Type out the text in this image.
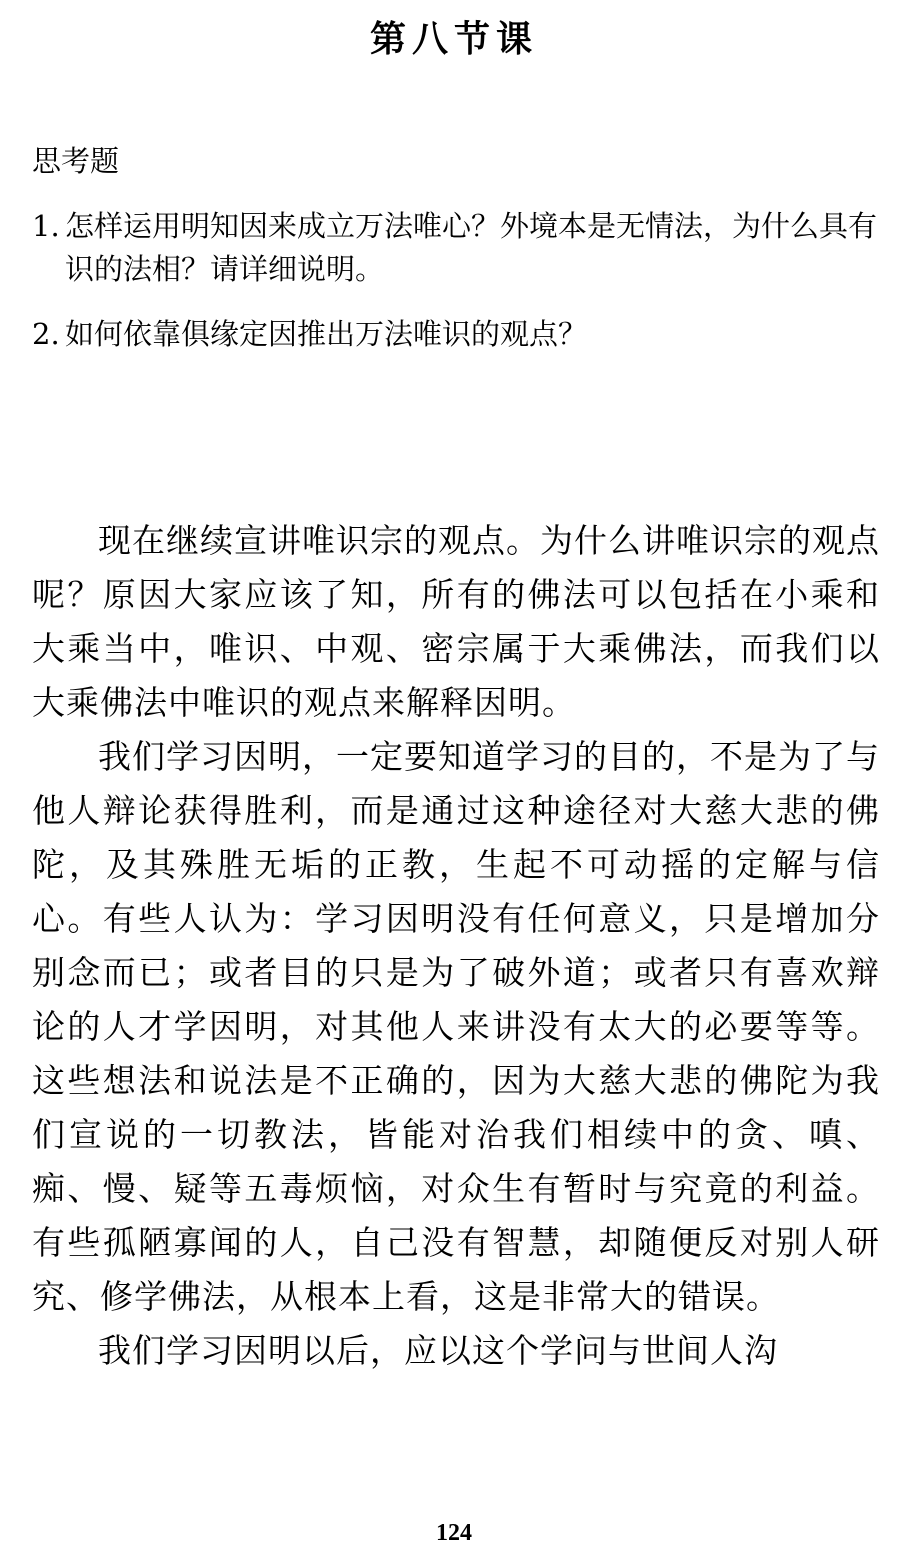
第八节课
思考题
1. 怎样运用明知因来成立万法唯心？外境本是无情法，为什么具有识的法相？请详细说明。
2. 如何依靠俱缘定因推出万法唯识的观点？

现在继续宣讲唯识宗的观点。为什么讲唯识宗的观点呢？原因大家应该了知，所有的佛法可以包括在小乘和大乘当中，唯识、中观、密宗属于大乘佛法，而我们以大乘佛法中唯识的观点来解释因明。

我们学习因明，一定要知道学习的目的，不是为了与他人辩论获得胜利，而是通过这种途径对大慈大悲的佛陀，及其殊胜无垢的正教，生起不可动摇的定解与信心。有些人认为：学习因明没有任何意义，只是增加分别念而已；或者目的只是为了破外道；或者只有喜欢辩论的人才学因明，对其他人来讲没有太大的必要等等。这些想法和说法是不正确的，因为大慈大悲的佛陀为我们宣说的一切教法，皆能对治我们相续中的贪、嗔、痴、慢、疑等五毒烦恼，对众生有暂时与究竟的利益。有些孤陋寡闻的人，自己没有智慧，却随便反对别人研究、修学佛法，从根本上看，这是非常大的错误。

我们学习因明以后，应以这个学问与世间人沟

124
